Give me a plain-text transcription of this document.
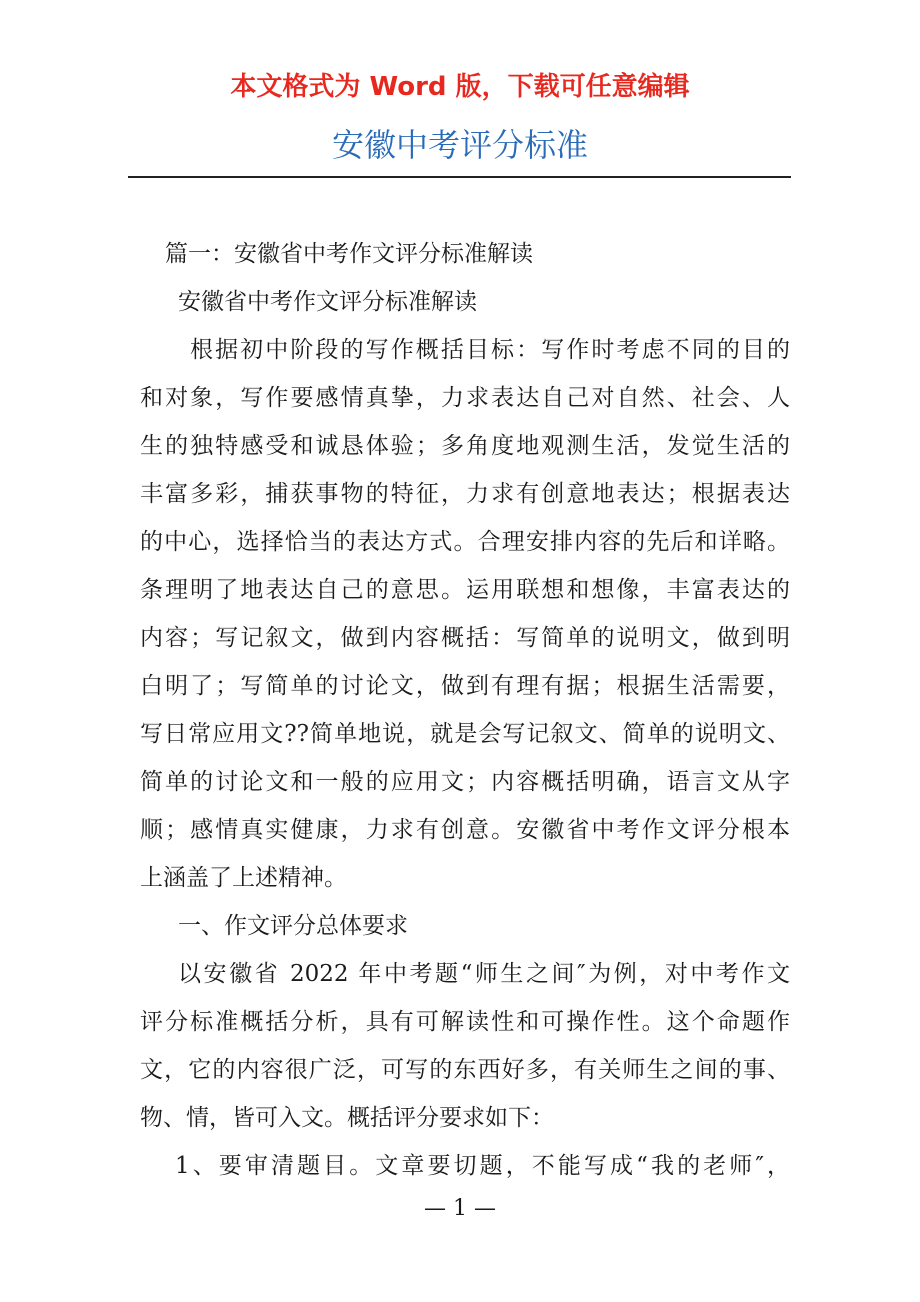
本文格式为 Word 版，下载可任意编辑
安徽中考评分标准
篇一：安徽省中考作文评分标准解读
安徽省中考作文评分标准解读
根据初中阶段的写作概括目标：写作时考虑不同的目的
和对象，写作要感情真挚，力求表达自己对自然、社会、人
生的独特感受和诚恳体验；多角度地观测生活，发觉生活的
丰富多彩，捕获事物的特征，力求有创意地表达；根据表达
的中心，选择恰当的表达方式。合理安排内容的先后和详略。
条理明了地表达自己的意思。运用联想和想像，丰富表达的
内容；写记叙文，做到内容概括：写简单的说明文，做到明
白明了；写简单的讨论文，做到有理有据；根据生活需要，
写日常应用文??简单地说，就是会写记叙文、简单的说明文、
简单的讨论文和一般的应用文；内容概括明确，语言文从字
顺；感情真实健康，力求有创意。安徽省中考作文评分根本
上涵盖了上述精神。
一、作文评分总体要求
以安徽省 2022 年中考题“师生之间″为例，对中考作文
评分标准概括分析，具有可解读性和可操作性。这个命题作
文，它的内容很广泛，可写的东西好多，有关师生之间的事、
物、情，皆可入文。概括评分要求如下：
1、要审清题目。文章要切题，不能写成“我的老师″，
— 1 —
